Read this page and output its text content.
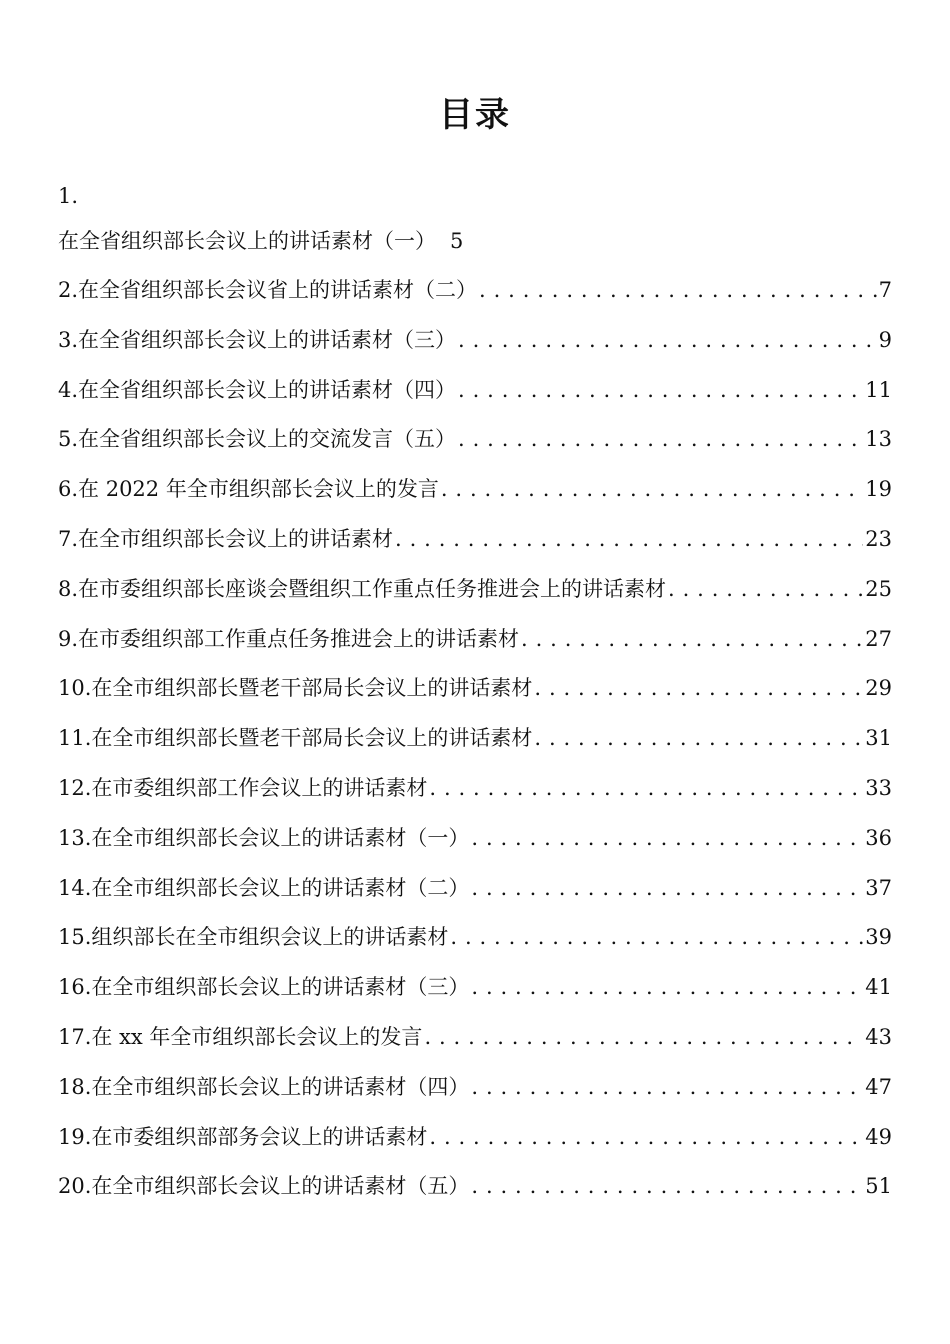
目录
1.
在全省组织部长会议上的讲话素材（一） 5
2.在全省组织部长会议省上的讲话素材（二） . . .	7
3.在全省组织部长会议上的讲话素材（三） . . .	9
4.在全省组织部长会议上的讲话素材（四） . . .	11
5.在全省组织部长会议上的交流发言（五） . . .	13
6.在 2022 年全市组织部长会议上的发言 . . .	19
7.在全市组织部长会议上的讲话素材 . . .	23
8.在市委组织部长座谈会暨组织工作重点任务推进会上的讲话素材 . . .	25
9.在市委组织部工作重点任务推进会上的讲话素材 . . .	27
10.在全市组织部长暨老干部局长会议上的讲话素材 . . .	29
11.在全市组织部长暨老干部局长会议上的讲话素材 . . .	31
12.在市委组织部工作会议上的讲话素材 . . .	33
13.在全市组织部长会议上的讲话素材（一） . . .	36
14.在全市组织部长会议上的讲话素材（二） . . .	37
15.组织部长在全市组织会议上的讲话素材 . . .	39
16.在全市组织部长会议上的讲话素材（三） . . .	41
17.在 xx 年全市组织部长会议上的发言 . . .	43
18.在全市组织部长会议上的讲话素材（四） . . .	47
19.在市委组织部部务会议上的讲话素材 . . .	49
20.在全市组织部长会议上的讲话素材（五） . . .	51
